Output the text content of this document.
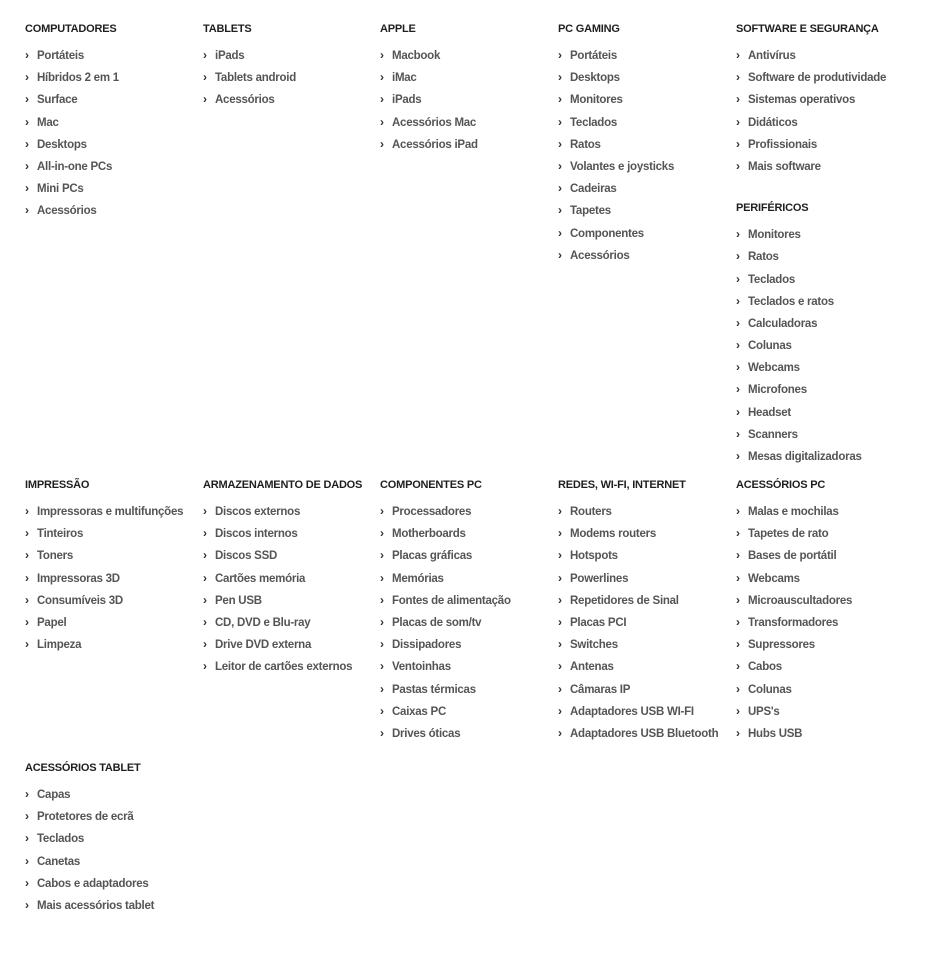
COMPUTADORES
› Portáteis
› Híbridos 2 em 1
› Surface
› Mac
› Desktops
› All-in-one PCs
› Mini PCs
› Acessórios
TABLETS
› iPads
› Tablets android
› Acessórios
APPLE
› Macbook
› iMac
› iPads
› Acessórios Mac
› Acessórios iPad
PC GAMING
› Portáteis
› Desktops
› Monitores
› Teclados
› Ratos
› Volantes e joysticks
› Cadeiras
› Tapetes
› Componentes
› Acessórios
SOFTWARE E SEGURANÇA
› Antivírus
› Software de produtividade
› Sistemas operativos
› Didáticos
› Profissionais
› Mais software
PERIFÉRICOS
› Monitores
› Ratos
› Teclados
› Teclados e ratos
› Calculadoras
› Colunas
› Webcams
› Microfones
› Headset
› Scanners
› Mesas digitalizadoras
IMPRESSÃO
› Impressoras e multifunções
› Tinteiros
› Toners
› Impressoras 3D
› Consumíveis 3D
› Papel
› Limpeza
ARMAZENAMENTO DE DADOS
› Discos externos
› Discos internos
› Discos SSD
› Cartões memória
› Pen USB
› CD, DVD e Blu-ray
› Drive DVD externa
› Leitor de cartões externos
COMPONENTES PC
› Processadores
› Motherboards
› Placas gráficas
› Memórias
› Fontes de alimentação
› Placas de som/tv
› Dissipadores
› Ventoinhas
› Pastas térmicas
› Caixas PC
› Drives óticas
REDES, WI-FI, INTERNET
› Routers
› Modems routers
› Hotspots
› Powerlines
› Repetidores de Sinal
› Placas PCI
› Switches
› Antenas
› Câmaras IP
› Adaptadores USB WI-FI
› Adaptadores USB Bluetooth
ACESSÓRIOS PC
› Malas e mochilas
› Tapetes de rato
› Bases de portátil
› Webcams
› Microauscultadores
› Transformadores
› Supressores
› Cabos
› Colunas
› UPS's
› Hubs USB
ACESSÓRIOS TABLET
› Capas
› Protetores de ecrã
› Teclados
› Canetas
› Cabos e adaptadores
› Mais acessórios tablet
